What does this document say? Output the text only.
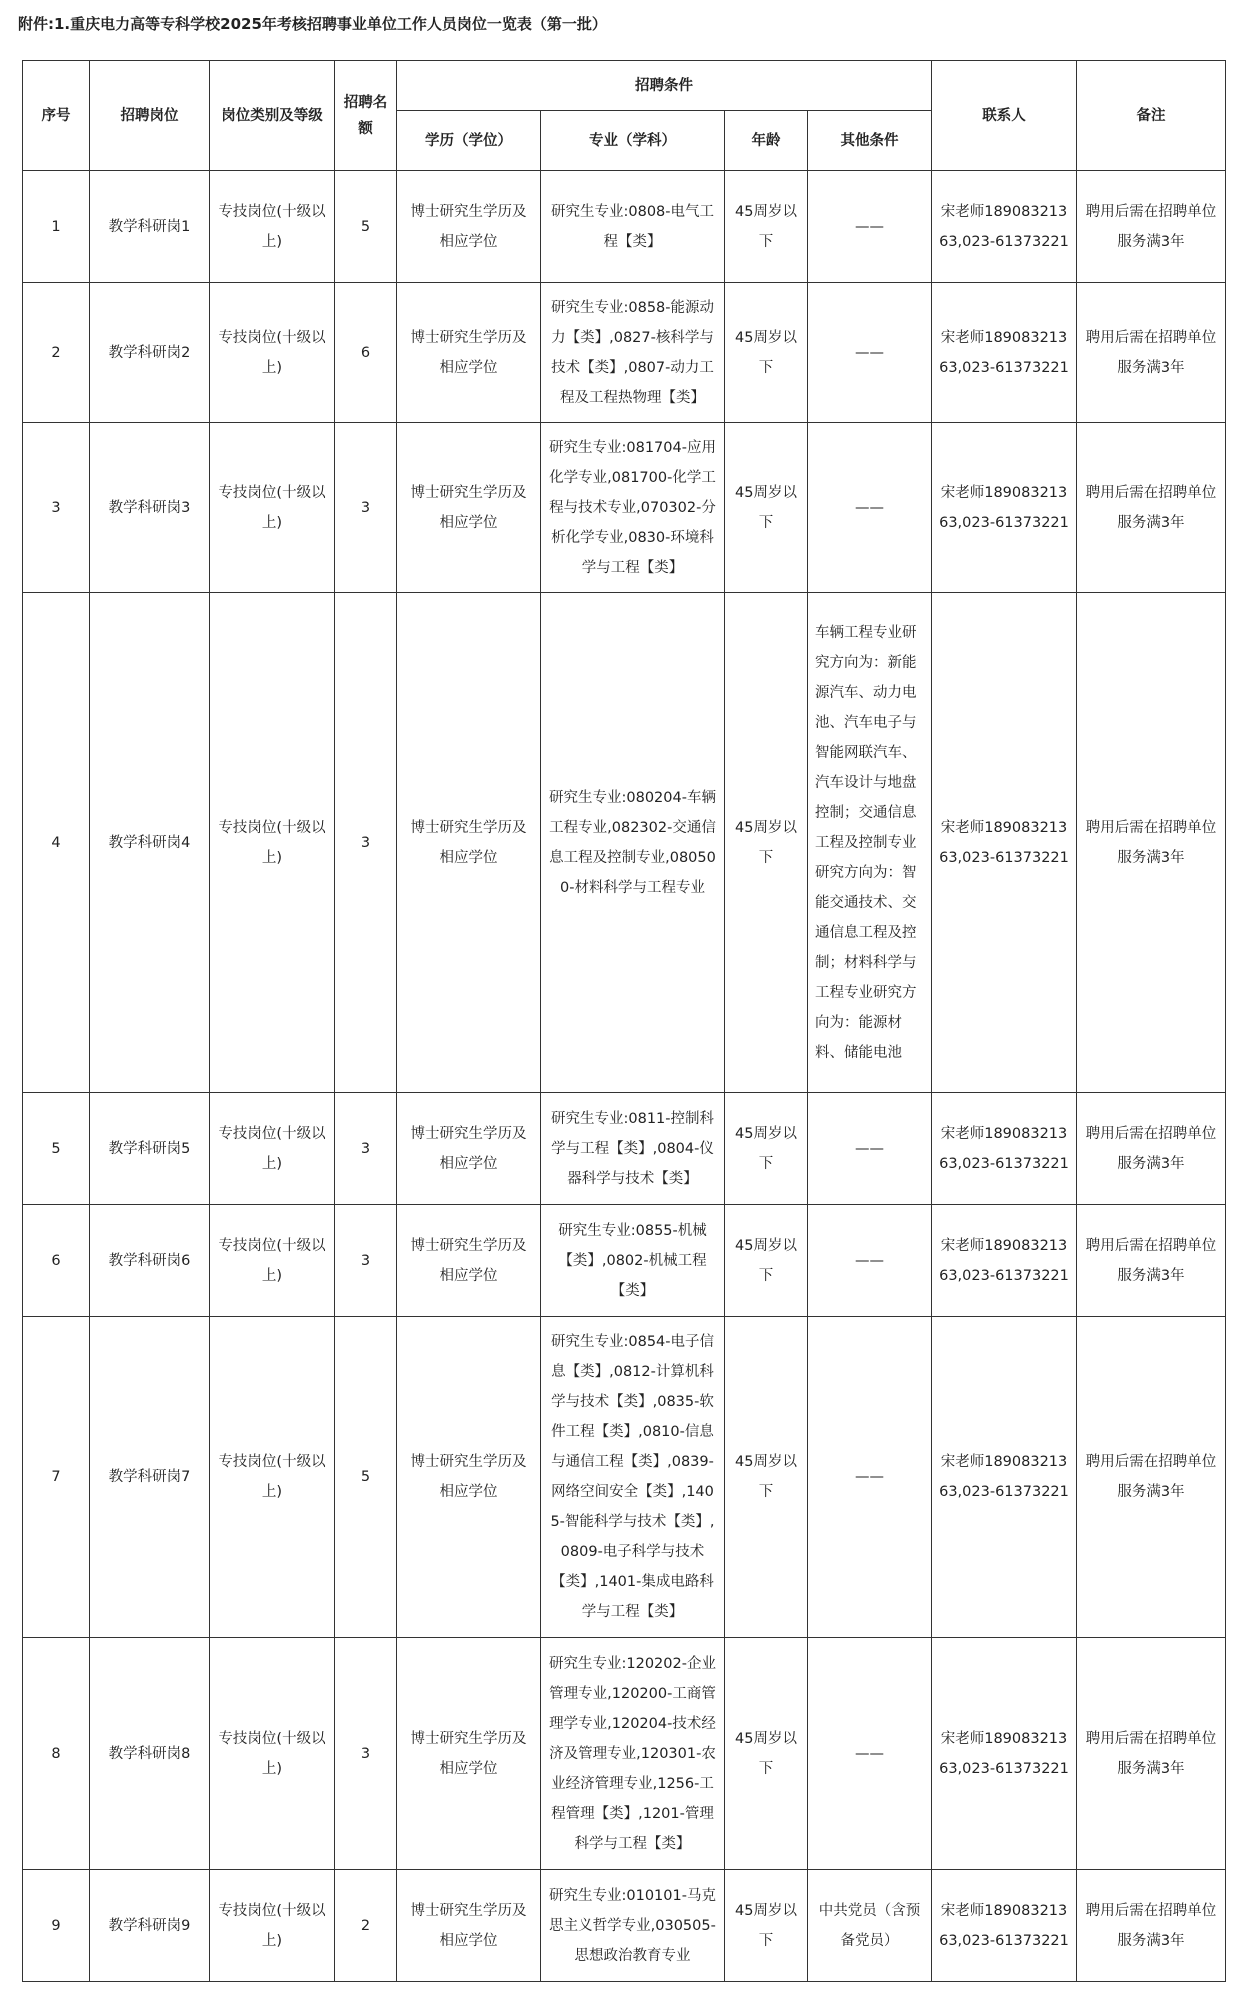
附件:1.重庆电力高等专科学校2025年考核招聘事业单位工作人员岗位一览表（第一批）
序号	招聘岗位	岗位类别及等级	招聘名额	招聘条件				联系人	备注
				学历（学位）	专业（学科）	年龄	其他条件		
1	教学科研岗1	专技岗位(十级以上)	5	博士研究生学历及相应学位	研究生专业:0808-电气工程【类】	45周岁以下	——	宋老师18908321363,023-61373221	聘用后需在招聘单位服务满3年
2	教学科研岗2	专技岗位(十级以上)	6	博士研究生学历及相应学位	研究生专业:0858-能源动力【类】,0827-核科学与技术【类】,0807-动力工程及工程热物理【类】	45周岁以下	——	宋老师18908321363,023-61373221	聘用后需在招聘单位服务满3年
3	教学科研岗3	专技岗位(十级以上)	3	博士研究生学历及相应学位	研究生专业:081704-应用化学专业,081700-化学工程与技术专业,070302-分析化学专业,0830-环境科学与工程【类】	45周岁以下	——	宋老师18908321363,023-61373221	聘用后需在招聘单位服务满3年
4	教学科研岗4	专技岗位(十级以上)	3	博士研究生学历及相应学位	研究生专业:080204-车辆工程专业,082302-交通信息工程及控制专业,080500-材料科学与工程专业	45周岁以下	车辆工程专业研究方向为：新能源汽车、动力电池、汽车电子与智能网联汽车、汽车设计与地盘控制；交通信息工程及控制专业研究方向为：智能交通技术、交通信息工程及控制；材料科学与工程专业研究方向为：能源材料、储能电池	宋老师18908321363,023-61373221	聘用后需在招聘单位服务满3年
5	教学科研岗5	专技岗位(十级以上)	3	博士研究生学历及相应学位	研究生专业:0811-控制科学与工程【类】,0804-仪器科学与技术【类】	45周岁以下	——	宋老师18908321363,023-61373221	聘用后需在招聘单位服务满3年
6	教学科研岗6	专技岗位(十级以上)	3	博士研究生学历及相应学位	研究生专业:0855-机械【类】,0802-机械工程【类】	45周岁以下	——	宋老师18908321363,023-61373221	聘用后需在招聘单位服务满3年
7	教学科研岗7	专技岗位(十级以上)	5	博士研究生学历及相应学位	研究生专业:0854-电子信息【类】,0812-计算机科学与技术【类】,0835-软件工程【类】,0810-信息与通信工程【类】,0839-网络空间安全【类】,1405-智能科学与技术【类】,0809-电子科学与技术【类】,1401-集成电路科学与工程【类】	45周岁以下	——	宋老师18908321363,023-61373221	聘用后需在招聘单位服务满3年
8	教学科研岗8	专技岗位(十级以上)	3	博士研究生学历及相应学位	研究生专业:120202-企业管理专业,120200-工商管理学专业,120204-技术经济及管理专业,120301-农业经济管理专业,1256-工程管理【类】,1201-管理科学与工程【类】	45周岁以下	——	宋老师18908321363,023-61373221	聘用后需在招聘单位服务满3年
9	教学科研岗9	专技岗位(十级以上)	2	博士研究生学历及相应学位	研究生专业:010101-马克思主义哲学专业,030505-思想政治教育专业	45周岁以下	中共党员（含预备党员）	宋老师18908321363,023-61373221	聘用后需在招聘单位服务满3年
